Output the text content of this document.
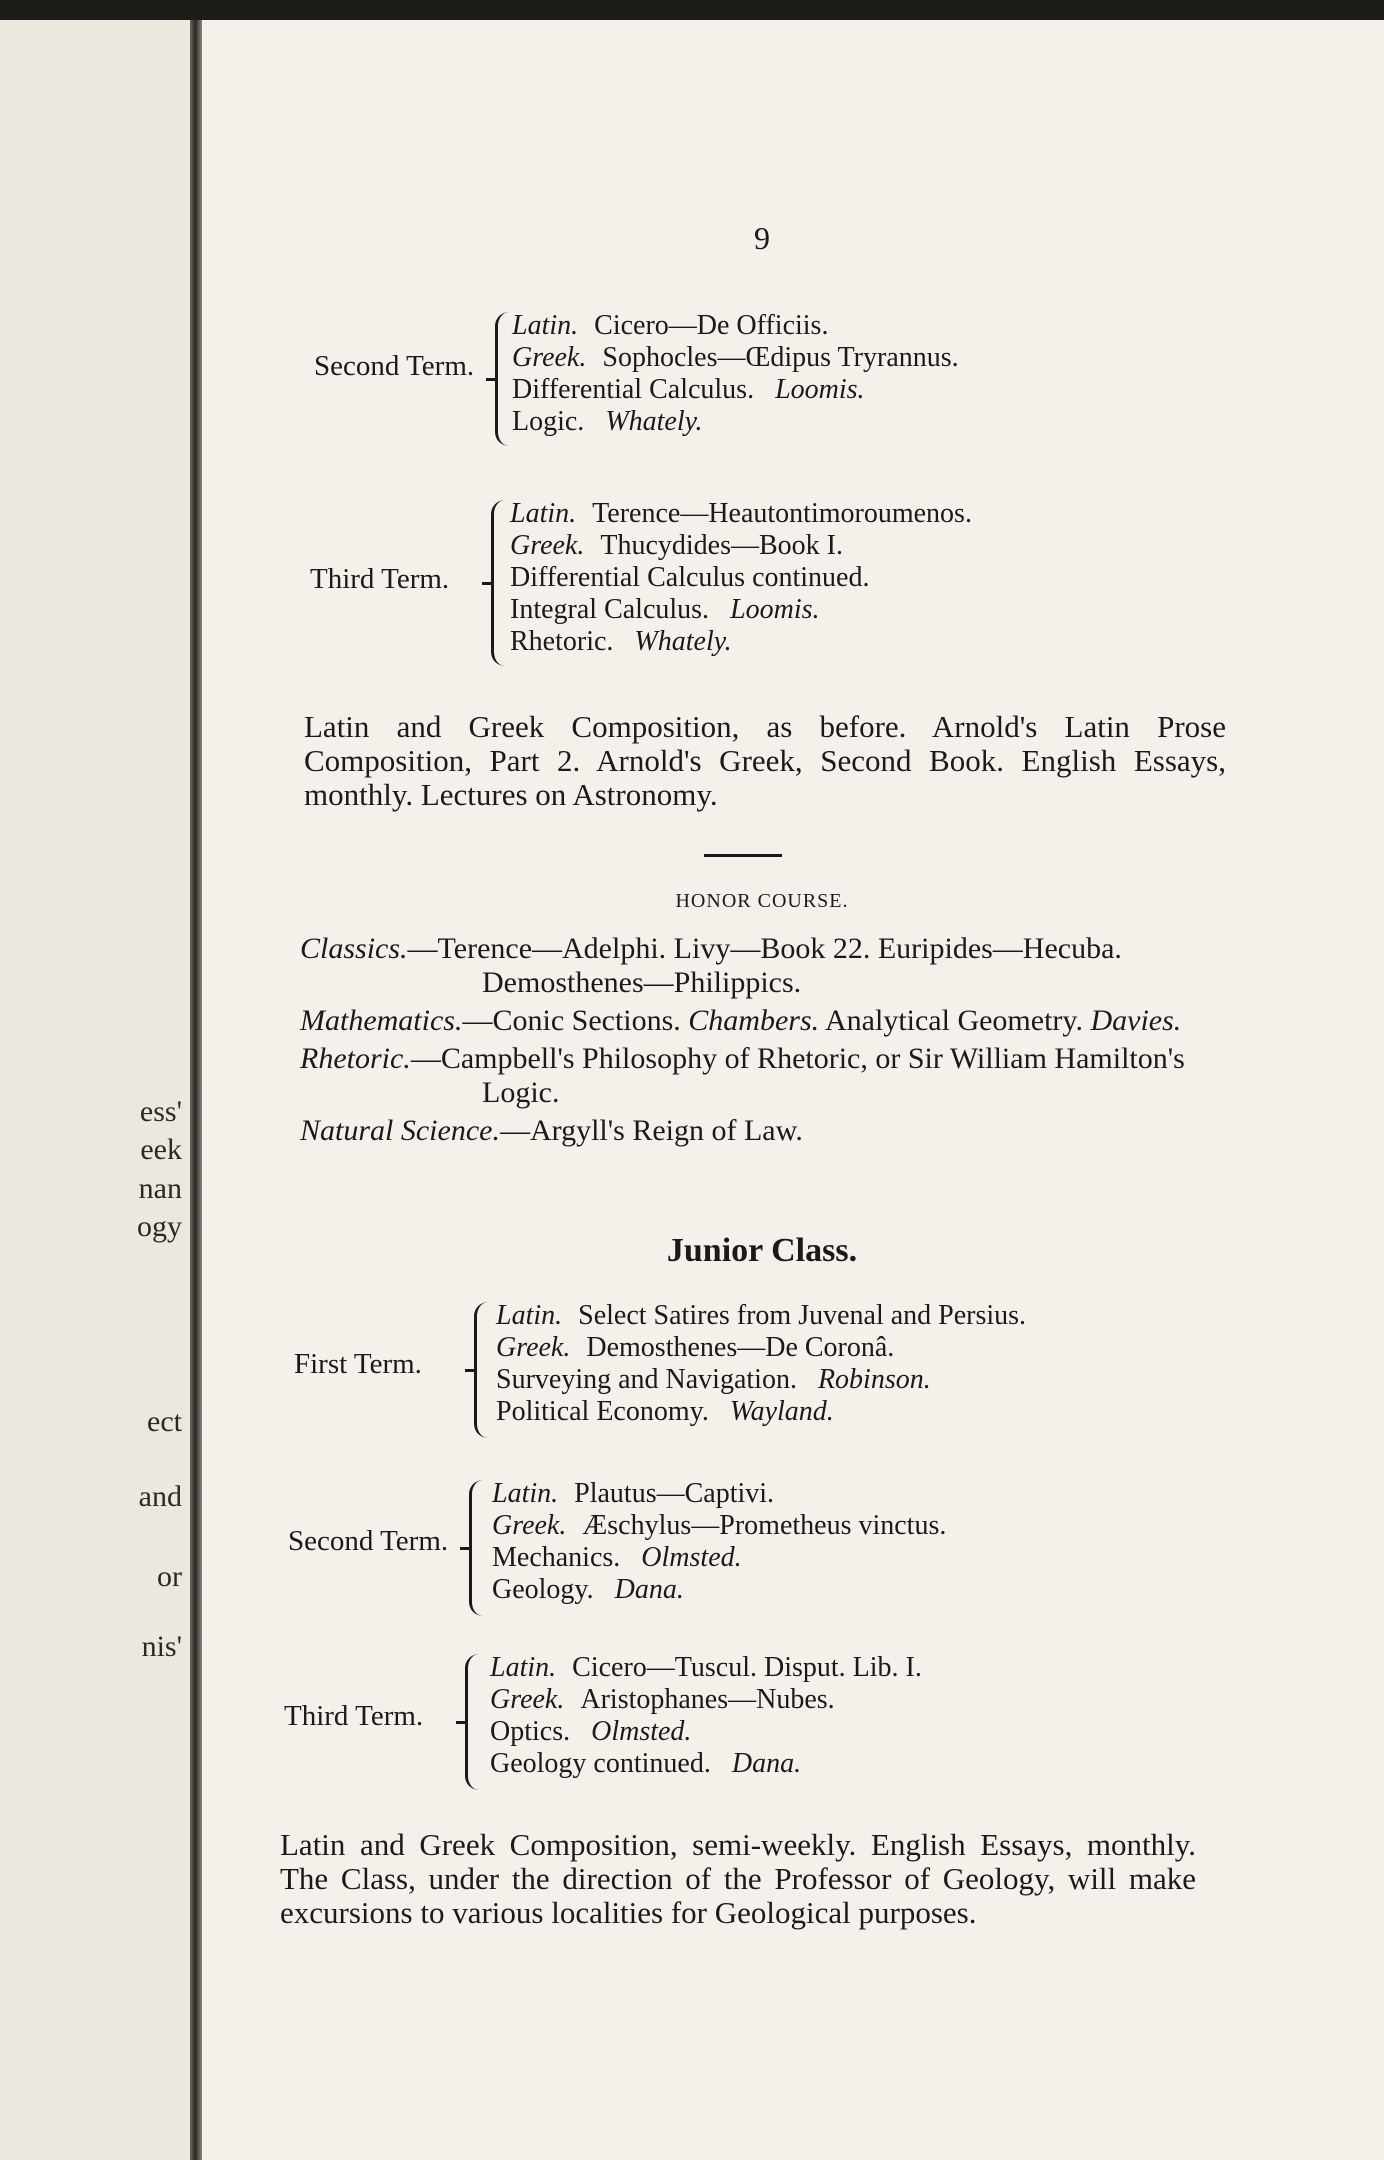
ess'
eek
nan
ogy
ect
and
or
nis'
9
Second Term.
Latin. Cicero—De Officiis.
Greek. Sophocles—Œdipus Tryrannus.
Differential Calculus. Loomis.
Logic. Whately.
Third Term.
Latin. Terence—Heautontimoroumenos.
Greek. Thucydides—Book I.
Differential Calculus continued.
Integral Calculus. Loomis.
Rhetoric. Whately.
Latin and Greek Composition, as before. Arnold's Latin Prose Composition, Part 2. Arnold's Greek, Second Book. English Essays, monthly. Lectures on Astronomy.
HONOR COURSE.
Classics.—Terence—Adelphi. Livy—Book 22. Euripides—Hecuba. Demosthenes—Philippics.
Mathematics.—Conic Sections. Chambers. Analytical Geometry. Davies.
Rhetoric.—Campbell's Philosophy of Rhetoric, or Sir William Hamilton's Logic.
Natural Science.—Argyll's Reign of Law.
Junior Class.
First Term.
Latin. Select Satires from Juvenal and Persius.
Greek. Demosthenes—De Coronâ.
Surveying and Navigation. Robinson.
Political Economy. Wayland.
Second Term.
Latin. Plautus—Captivi.
Greek. Æschylus—Prometheus vinctus.
Mechanics. Olmsted.
Geology. Dana.
Third Term.
Latin. Cicero—Tuscul. Disput. Lib. I.
Greek. Aristophanes—Nubes.
Optics. Olmsted.
Geology continued. Dana.
Latin and Greek Composition, semi-weekly. English Essays, monthly. The Class, under the direction of the Professor of Geology, will make excursions to various localities for Geological purposes.
